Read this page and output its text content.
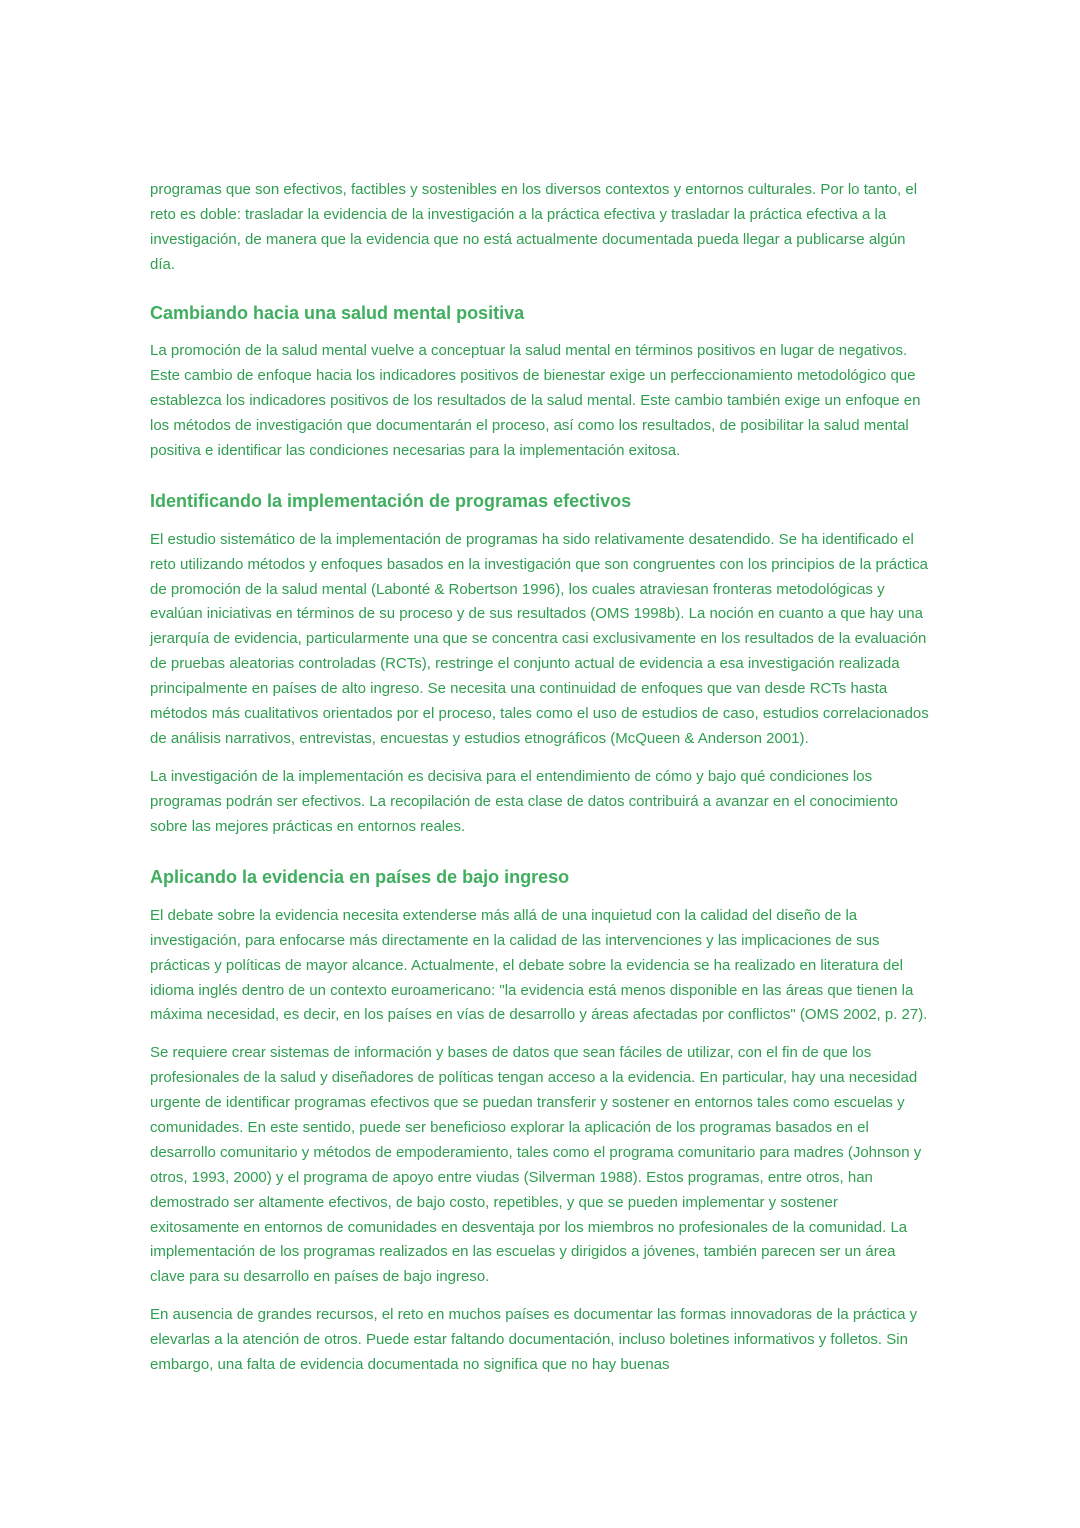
programas que son efectivos, factibles y sostenibles en los diversos contextos y entornos culturales. Por lo tanto, el reto es doble: trasladar la evidencia de la investigación a la práctica efectiva y trasladar la práctica efectiva a la investigación, de manera que la evidencia que no está actualmente documentada pueda llegar a publicarse algún día.

Cambiando hacia una salud mental positiva

La promoción de la salud mental vuelve a conceptuar la salud mental en términos positivos en lugar de negativos. Este cambio de enfoque hacia los indicadores positivos de bienestar exige un perfeccionamiento metodológico que establezca los indicadores positivos de los resultados de la salud mental. Este cambio también exige un enfoque en los métodos de investigación que documentarán el proceso, así como los resultados, de posibilitar la salud mental positiva e identificar las condiciones necesarias para la implementación exitosa.

Identificando la implementación de programas efectivos

El estudio sistemático de la implementación de programas ha sido relativamente desatendido. Se ha identificado el reto utilizando métodos y enfoques basados en la investigación que son congruentes con los principios de la práctica de promoción de la salud mental (Labonté & Robertson 1996), los cuales atraviesan fronteras metodológicas y evalúan iniciativas en términos de su proceso y de sus resultados (OMS 1998b). La noción en cuanto a que hay una jerarquía de evidencia, particularmente una que se concentra casi exclusivamente en los resultados de la evaluación de pruebas aleatorias controladas (RCTs), restringe el conjunto actual de evidencia a esa investigación realizada principalmente en países de alto ingreso. Se necesita una continuidad de enfoques que van desde RCTs hasta métodos más cualitativos orientados por el proceso, tales como el uso de estudios de caso, estudios correlacionados de análisis narrativos, entrevistas, encuestas y estudios etnográficos (McQueen & Anderson 2001).

La investigación de la implementación es decisiva para el entendimiento de cómo y bajo qué condiciones los programas podrán ser efectivos. La recopilación de esta clase de datos contribuirá a avanzar en el conocimiento sobre las mejores prácticas en entornos reales.

Aplicando la evidencia en países de bajo ingreso

El debate sobre la evidencia necesita extenderse más allá de una inquietud con la calidad del diseño de la investigación, para enfocarse más directamente en la calidad de las intervenciones y las implicaciones de sus prácticas y políticas de mayor alcance. Actualmente, el debate sobre la evidencia se ha realizado en literatura del idioma inglés dentro de un contexto euroamericano: "la evidencia está menos disponible en las áreas que tienen la máxima necesidad, es decir, en los países en vías de desarrollo y áreas afectadas por conflictos" (OMS 2002, p. 27).

Se requiere crear sistemas de información y bases de datos que sean fáciles de utilizar, con el fin de que los profesionales de la salud y diseñadores de políticas tengan acceso a la evidencia. En particular, hay una necesidad urgente de identificar programas efectivos que se puedan transferir y sostener en entornos tales como escuelas y comunidades. En este sentido, puede ser beneficioso explorar la aplicación de los programas basados en el desarrollo comunitario y métodos de empoderamiento, tales como el programa comunitario para madres (Johnson y otros, 1993, 2000) y el programa de apoyo entre viudas (Silverman 1988). Estos programas, entre otros, han demostrado ser altamente efectivos, de bajo costo, repetibles, y que se pueden implementar y sostener exitosamente en entornos de comunidades en desventaja por los miembros no profesionales de la comunidad. La implementación de los programas realizados en las escuelas y dirigidos a jóvenes, también parecen ser un área clave para su desarrollo en países de bajo ingreso.

En ausencia de grandes recursos, el reto en muchos países es documentar las formas innovadoras de la práctica y elevarlas a la atención de otros. Puede estar faltando documentación, incluso boletines informativos y folletos. Sin embargo, una falta de evidencia documentada no significa que no hay buenas
